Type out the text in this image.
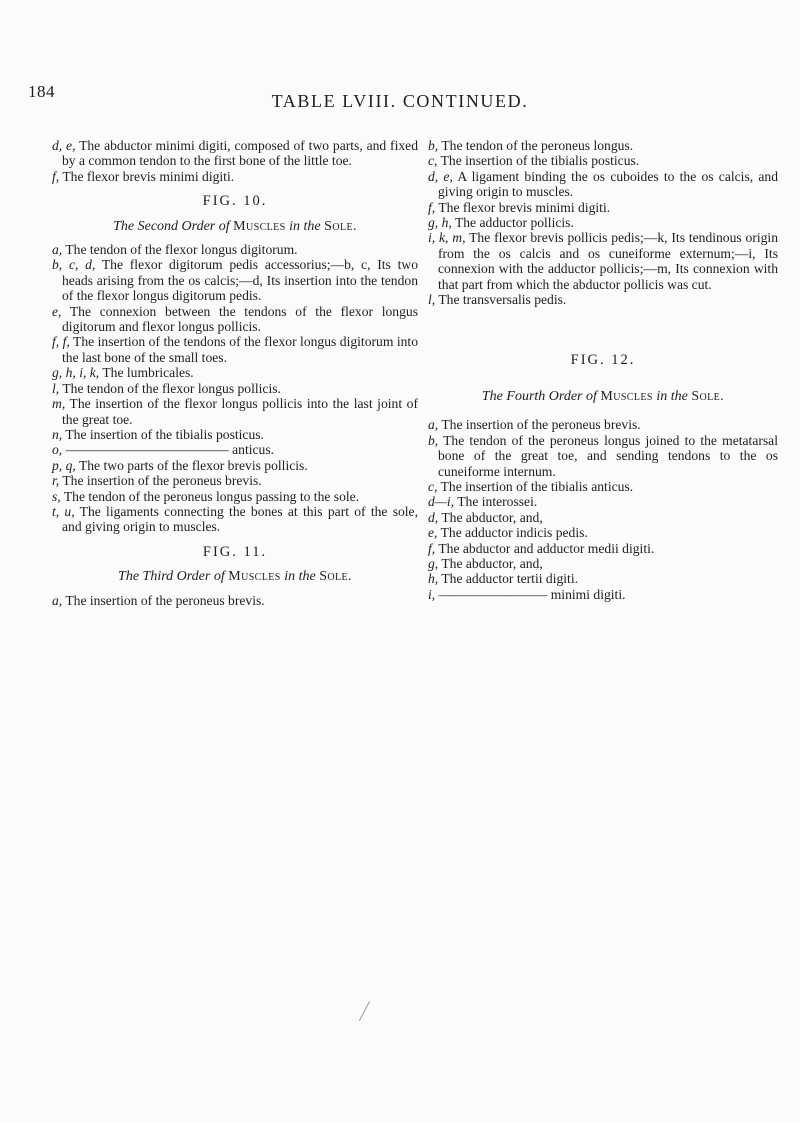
184	TABLE LVIII. CONTINUED.

d, e, The abductor minimi digiti, composed of two parts, and fixed by a common tendon to the first bone of the little toe.

f, The flexor brevis minimi digiti.

FIG. 10.
The Second Order of Muscles in the Sole.

a, The tendon of the flexor longus digitorum.

b, c, d, The flexor digitorum pedis accessorius;—b, c, Its two heads arising from the os calcis;—d, Its insertion into the tendon of the flexor longus digitorum pedis.

e, The connexion between the tendons of the flexor longus digitorum and flexor longus pollicis.

f, f, The insertion of the tendons of the flexor longus digitorum into the last bone of the small toes.

g, h, i, k, The lumbricales.

l, The tendon of the flexor longus pollicis.

m, The insertion of the flexor longus pollicis into the last joint of the great toe.

n, The insertion of the tibialis posticus.

o, ———————————— anticus.

p, q, The two parts of the flexor brevis pollicis.

r, The insertion of the peroneus brevis.

s, The tendon of the peroneus longus passing to the sole.

t, u, The ligaments connecting the bones at this part of the sole, and giving origin to muscles.

FIG. 11.
The Third Order of Muscles in the Sole.

a, The insertion of the peroneus brevis.

b, The tendon of the peroneus longus.

c, The insertion of the tibialis posticus.

d, e, A ligament binding the os cuboides to the os calcis, and giving origin to muscles.

f, The flexor brevis minimi digiti.

g, h, The adductor pollicis.

i, k, m, The flexor brevis pollicis pedis;—k, Its tendinous origin from the os calcis and os cuneiforme externum;—i, Its connexion with the adductor pollicis;—m, Its connexion with that part from which the abductor pollicis was cut.

l, The transversalis pedis.

FIG. 12.
The Fourth Order of Muscles in the Sole.

a, The insertion of the peroneus brevis.

b, The tendon of the peroneus longus joined to the metatarsal bone of the great toe, and sending tendons to the os cuneiforme internum.

c, The insertion of the tibialis anticus.

d—i, The interossei.

d, The abductor, and,

e, The adductor indicis pedis.

f, The abductor and adductor medii digiti.

g, The abductor, and,

h, The adductor tertii digiti.

i, ———————— minimi digiti.
